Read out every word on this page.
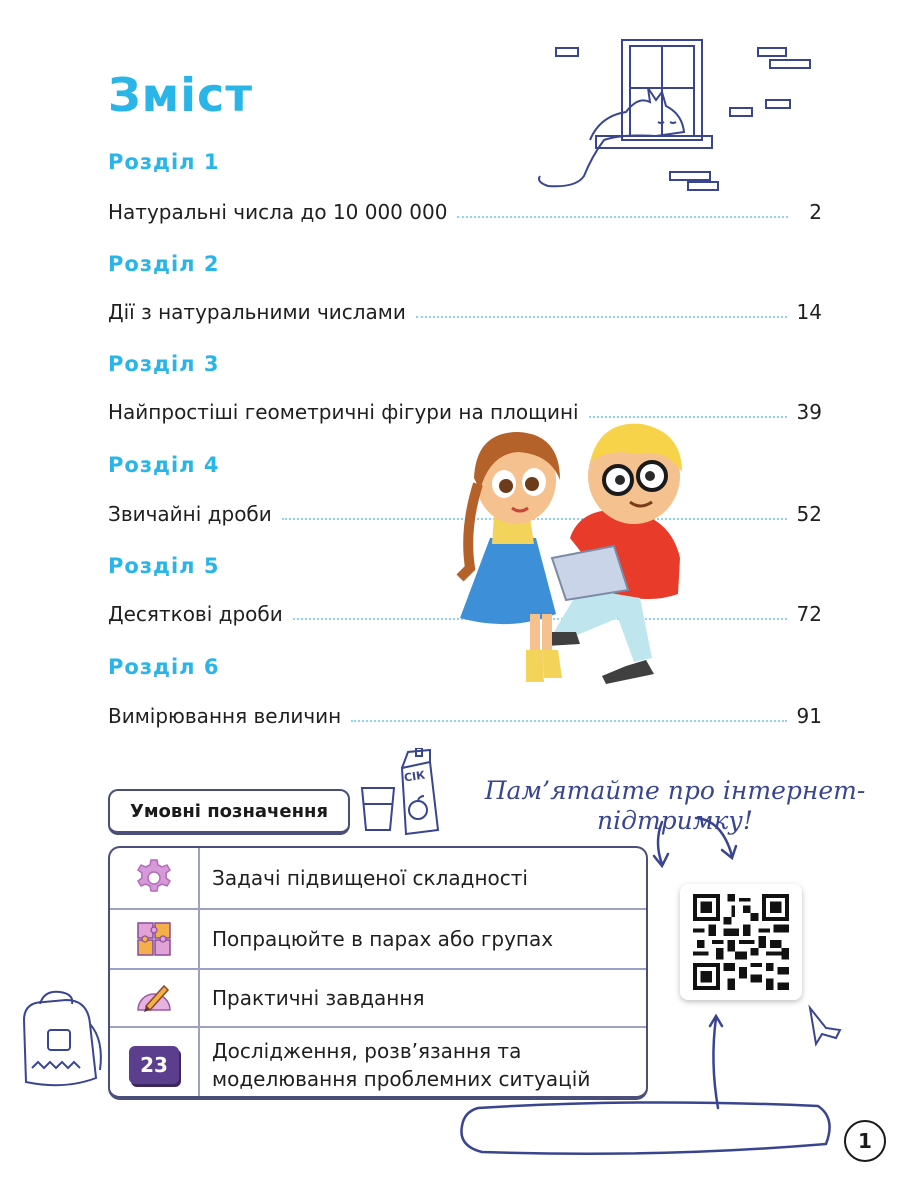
Зміст
Розділ 1
Натуральні числа до 10 000 000	2
Розділ 2
Дії з натуральними числами	14
Розділ 3
Найпростіші геометричні фігури на площині	39
Розділ 4
Звичайні дроби	52
Розділ 5
Десяткові дроби	72
Розділ 6
Вимірювання величин	91
СІК
Умовні позначення
Задачі підвищеної складності
Попрацюйте в парах або групах
Практичні завдання
23
Дослідження, розв’язання та
моделювання проблемних ситуацій
Пам’ятайте про інтернет-
підтримку!
1
